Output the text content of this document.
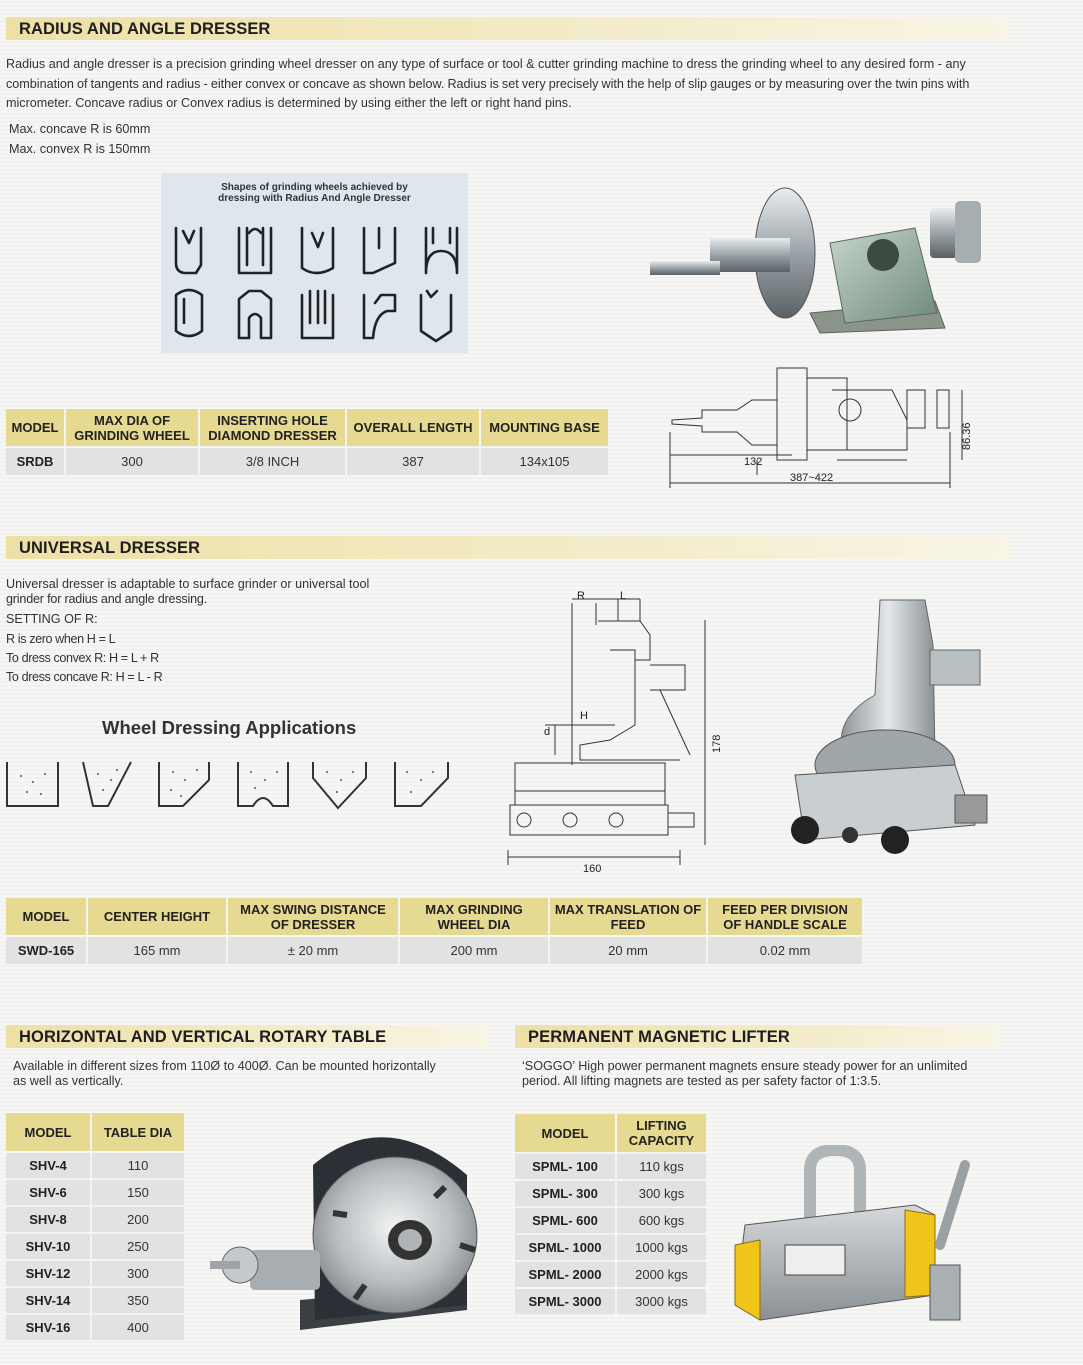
RADIUS AND ANGLE DRESSER
Radius and angle dresser is a precision grinding wheel dresser on any type of surface or tool & cutter grinding machine to dress the grinding wheel to any desired form - any
combination of tangents and radius - either convex or concave as shown below. Radius is set very precisely with the help of slip gauges or by measuring over the twin pins with
micrometer. Concave radius or Convex radius is determined by using either the left or right hand pins.
Max. concave R is 60mm
Max. convex R is 150mm
Shapes of grinding wheels achieved by
dressing with Radius And Angle Dresser
MODEL	MAX DIA OF GRINDING WHEEL	INSERTING HOLE DIAMOND DRESSER	OVERALL LENGTH	MOUNTING BASE
SRDB	300	3/8 INCH	387	134x105	132
387~422
86.36
UNIVERSAL DRESSER
Universal dresser is adaptable to surface grinder or universal tool
grinder for radius and angle dressing.
SETTING OF R:
R is zero when H = L
To dress convex R: H = L + R
To dress concave R: H = L - R
Wheel Dressing Applications
R	L
H
d
178
160
MODEL	CENTER HEIGHT	MAX SWING DISTANCE OF DRESSER	MAX GRINDING WHEEL DIA	MAX TRANSLATION OF FEED	FEED PER DIVISION OF HANDLE SCALE
SWD-165	165 mm	± 20 mm	200 mm	20 mm	0.02 mm
HORIZONTAL AND VERTICAL ROTARY TABLE
Available in different sizes from 110Ø to 400Ø. Can be mounted horizontally
as well as vertically.
MODEL	TABLE DIA
SHV-4	110
SHV-6	150
SHV-8	200
SHV-10	250
SHV-12	300
SHV-14	350
SHV-16	400
PERMANENT MAGNETIC LIFTER
‘SOGGO’ High power permanent magnets ensure steady power for an unlimited
period. All lifting magnets are tested as per safety factor of 1:3.5.
MODEL	LIFTING CAPACITY
SPML- 100	110 kgs
SPML- 300	300 kgs
SPML- 600	600 kgs
SPML- 1000	1000 kgs
SPML- 2000	2000 kgs
SPML- 3000	3000 kgs
